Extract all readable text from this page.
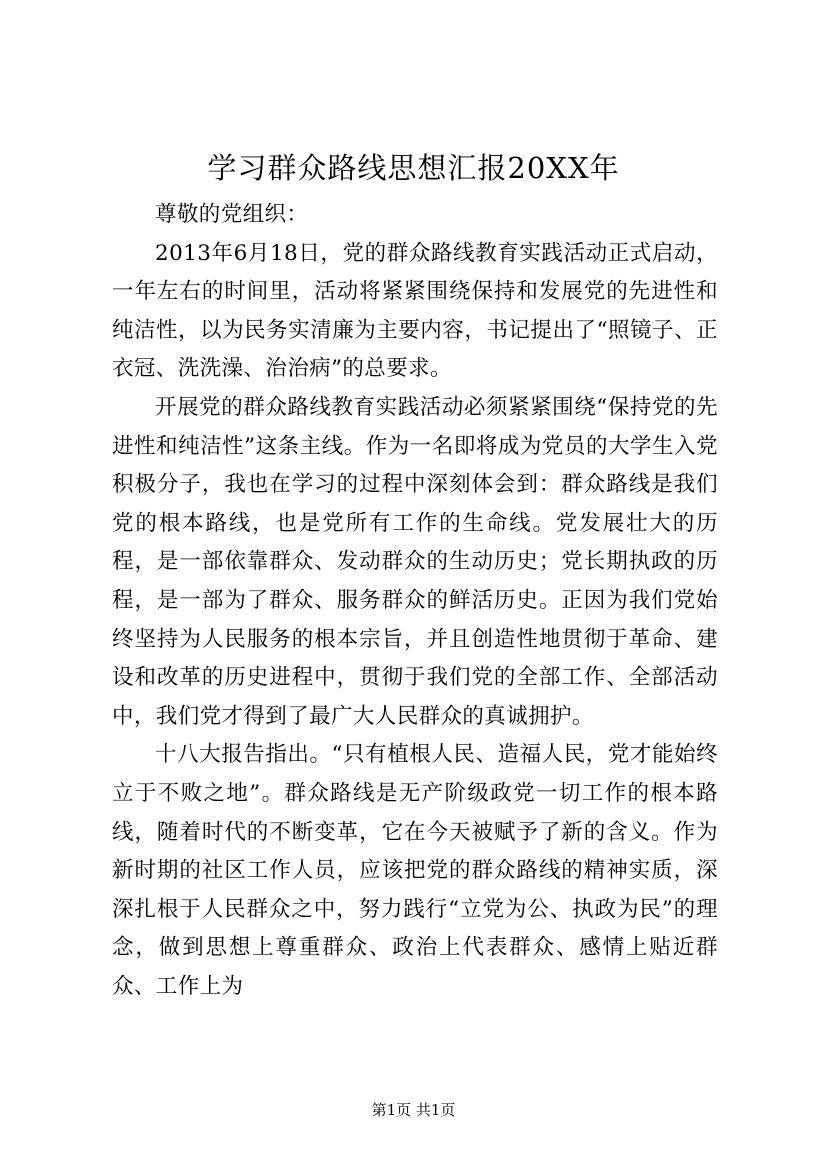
学习群众路线思想汇报20XX年

尊敬的党组织：

2013年6月18日，党的群众路线教育实践活动正式启动，一年左右的时间里，活动将紧紧围绕保持和发展党的先进性和纯洁性，以为民务实清廉为主要内容，书记提出了“照镜子、正衣冠、洗洗澡、治治病”的总要求。

开展党的群众路线教育实践活动必须紧紧围绕“保持党的先进性和纯洁性”这条主线。作为一名即将成为党员的大学生入党积极分子，我也在学习的过程中深刻体会到：群众路线是我们党的根本路线，也是党所有工作的生命线。党发展壮大的历程，是一部依靠群众、发动群众的生动历史；党长期执政的历程，是一部为了群众、服务群众的鲜活历史。正因为我们党始终坚持为人民服务的根本宗旨，并且创造性地贯彻于革命、建设和改革的历史进程中，贯彻于我们党的全部工作、全部活动中，我们党才得到了最广大人民群众的真诚拥护。

十八大报告指出。“只有植根人民、造福人民，党才能始终立于不败之地”。群众路线是无产阶级政党一切工作的根本路线，随着时代的不断变革，它在今天被赋予了新的含义。作为新时期的社区工作人员，应该把党的群众路线的精神实质，深深扎根于人民群众之中，努力践行“立党为公、执政为民”的理念，做到思想上尊重群众、政治上代表群众、感情上贴近群众、工作上为

第1页 共1页
